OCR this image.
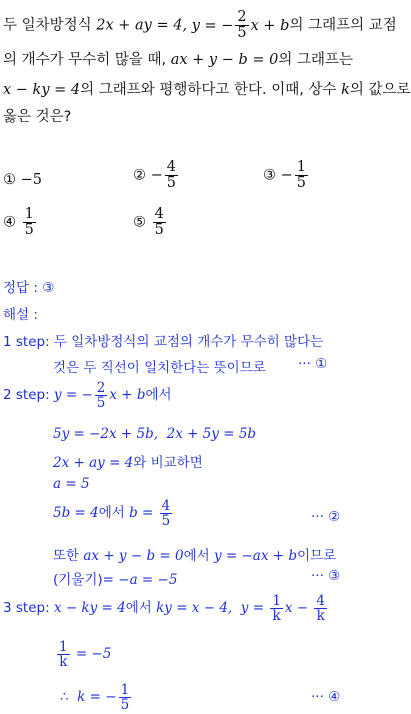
두 일차방정식 2x + ay = 4, y = − $\frac{2}{5}$ x + b의 그래프의 교점
의 개수가 무수히 많을 때, ax + y − b = 0의 그래프는
x − ky = 4의 그래프와 평행하다고 한다. 이때, 상수 k의 값으로
옳은 것은?
① −5	② − $\frac{4}{5}$	③ − $\frac{1}{5}$
④ $\frac{1}{5}$	⑤ $\frac{4}{5}$
정답 : ③
해설 :
1 step: 두 일차방정식의 교점의 개수가 무수히 많다는
것은 두 직선이 일치한다는 뜻이므로 ··· ①
2 step: y = − $\frac{2}{5}$ x + b에서
5y = −2x + 5b,  2x + 5y = 5b
2x + ay = 4와 비교하면
a = 5
5b = 4에서 $b = \frac{4}{5}$	··· ②
또한 ax + y − b = 0에서 y = −ax + b이므로
(기울기)= −a = −5	··· ③
3 step: x − ky = 4에서 ky = x − 4,  $y = \frac{1}{k}$ $x - \frac{4}{k}$
$\frac{1}{k} = -5$
∴  k = − $\frac{1}{5}$	··· ④
